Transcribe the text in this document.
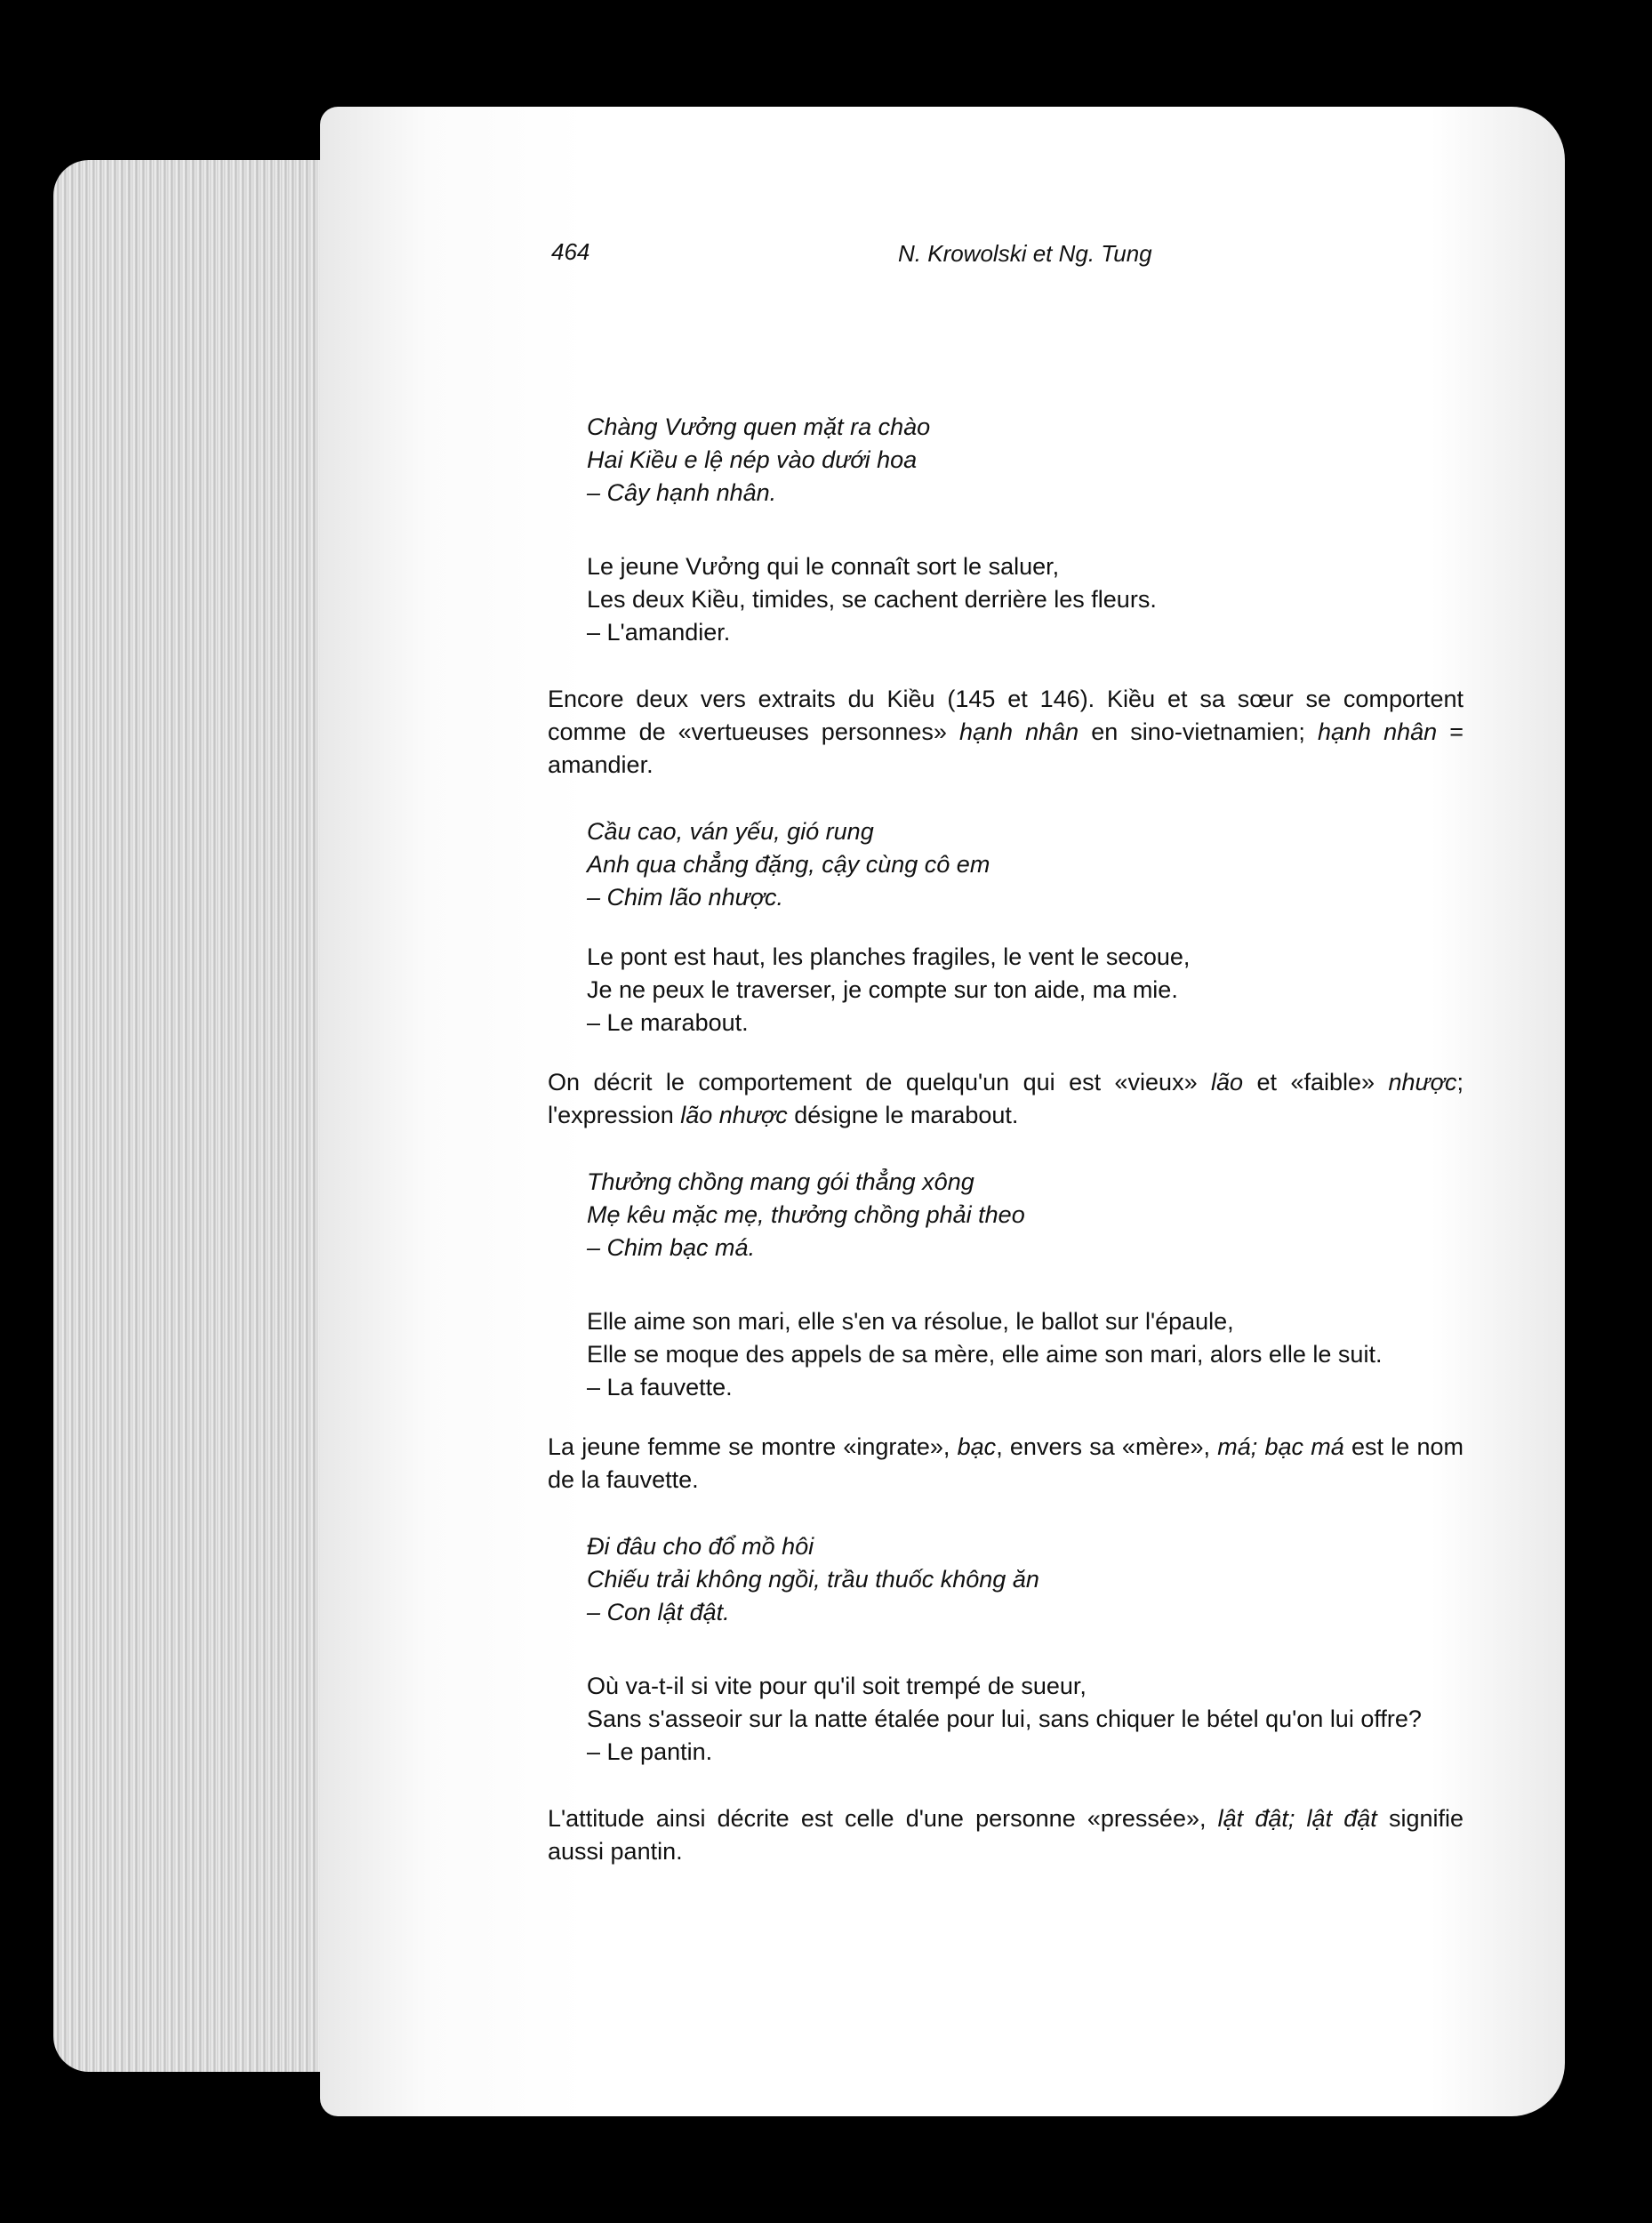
464	N. Krowolski et Ng. Tung
Chàng Vưởng quen mặt ra chào
Hai Kiều e lệ nép vào dưới hoa
– Cây hạnh nhân.
Le jeune Vưởng qui le connaît sort le saluer,
Les deux Kiều, timides, se cachent derrière les fleurs.
– L'amandier.
Encore deux vers extraits du Kiều (145 et 146). Kiều et sa sœur se comportent comme de «vertueuses personnes» hạnh nhân en sino-vietnamien; hạnh nhân = amandier.
Cầu cao, ván yếu, gió rung
Anh qua chẳng đặng, cậy cùng cô em
– Chim lão nhược.
Le pont est haut, les planches fragiles, le vent le secoue,
Je ne peux le traverser, je compte sur ton aide, ma mie.
– Le marabout.
On décrit le comportement de quelqu'un qui est «vieux» lão et «faible» nhược; l'expression lão nhược désigne le marabout.
Thưởng chồng mang gói thẳng xông
Mẹ kêu mặc mẹ, thưởng chồng phải theo
– Chim bạc má.
Elle aime son mari, elle s'en va résolue, le ballot sur l'épaule,
Elle se moque des appels de sa mère, elle aime son mari, alors elle le suit.
– La fauvette.
La jeune femme se montre «ingrate», bạc, envers sa «mère», má; bạc má est le nom de la fauvette.
Đi đâu cho đổ mồ hôi
Chiếu trải không ngồi, trầu thuốc không ăn
– Con lật đật.
Où va-t-il si vite pour qu'il soit trempé de sueur,
Sans s'asseoir sur la natte étalée pour lui, sans chiquer le bétel qu'on lui offre?
– Le pantin.
L'attitude ainsi décrite est celle d'une personne «pressée», lật đật; lật đật signifie aussi pantin.
